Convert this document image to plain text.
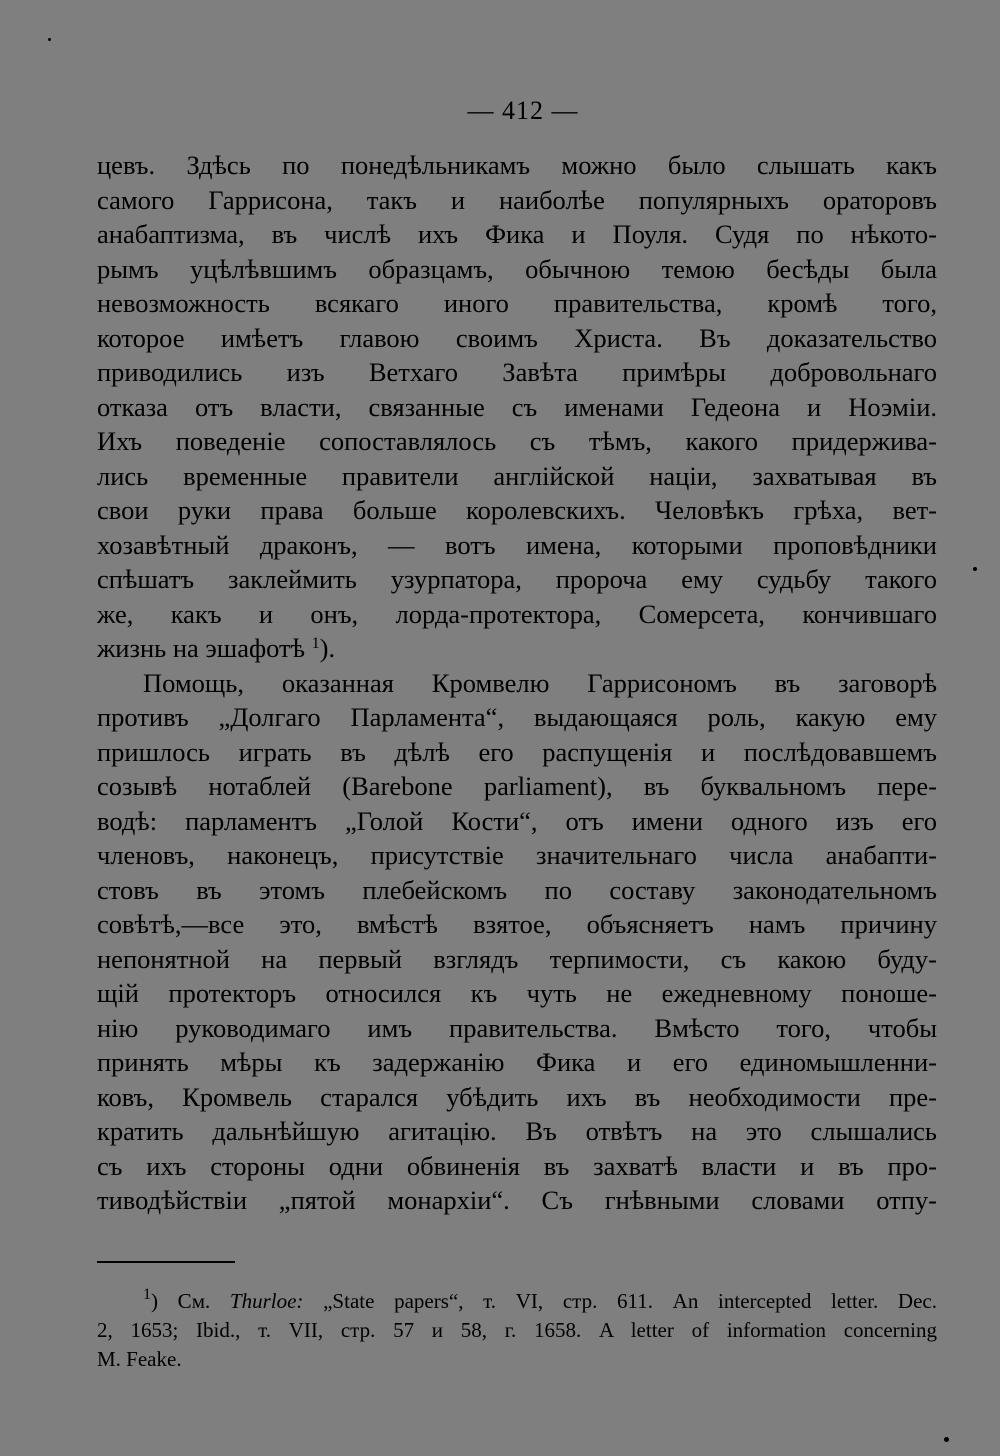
— 412 —
цевъ. Здѣсь по понедѣльникамъ можно было слышать какъ
самого Гаррисона, такъ и наиболѣе популярныхъ ораторовъ
анабаптизма, въ числѣ ихъ Фика и Поуля. Судя по нѣкото-
рымъ уцѣлѣвшимъ образцамъ, обычною темою бесѣды была
невозможность всякаго иного правительства, кромѣ того,
которое имѣетъ главою своимъ Христа. Въ доказательство
приводились изъ Ветхаго Завѣта примѣры добровольнаго
отказа отъ власти, связанные съ именами Гедеона и Ноэміи.
Ихъ поведеніе сопоставлялось съ тѣмъ, какого придержива-
лись временные правители англійской націи, захватывая въ
свои руки права больше королевскихъ. Человѣкъ грѣха, вет-
хозавѣтный драконъ, — вотъ имена, которыми проповѣдники
спѣшатъ заклеймить узурпатора, пророча ему судьбу такого
же, какъ и онъ, лорда-протектора, Сомерсета, кончившаго
жизнь на эшафотѣ $^1$).
Помощь, оказанная Кромвелю Гаррисономъ въ заговорѣ
противъ „Долгаго Парламента“, выдающаяся роль, какую ему
пришлось играть въ дѣлѣ его распущенія и послѣдовавшемъ
созывѣ нотаблей (Barebone parliament), въ буквальномъ пере-
водѣ: парламентъ „Голой Кости“, отъ имени одного изъ его
членовъ, наконецъ, присутствіе значительнаго числа анабапти-
стовъ въ этомъ плебейскомъ по составу законодательномъ
совѣтѣ,—все это, вмѣстѣ взятое, объясняетъ намъ причину
непонятной на первый взглядъ терпимости, съ какою буду-
щій протекторъ относился къ чуть не ежедневному поноше-
нію руководимаго имъ правительства. Вмѣсто того, чтобы
принять мѣры къ задержанію Фика и его единомышленни-
ковъ, Кромвель старался убѣдить ихъ въ необходимости пре-
кратить дальнѣйшую агитацію. Въ отвѣтъ на это слышались
съ ихъ стороны одни обвиненія въ захватѣ власти и въ про-
тиводѣйствіи „пятой монархіи“. Съ гнѣвными словами отпу-
$^1$) См. Thurloe: „State papers“, т. VI, стр. 611. An intercepted letter. Dec.
2, 1653; Ibid., т. VII, стр. 57 и 58, г. 1658. A letter of information concerning
M. Feake.
